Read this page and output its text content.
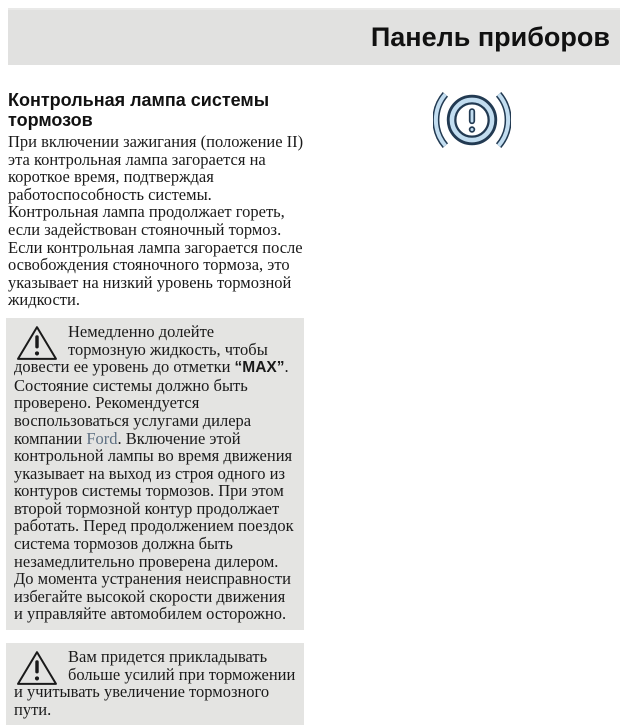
Панель приборов
Контрольная лампа системы тормозов

При включении зажигания (положение II) эта контрольная лампа загорается на короткое время, подтверждая работоспособность системы.

Контрольная лампа продолжает гореть, если задействован стояночный тормоз. Если контрольная лампа загорается после освобождения стояночного тормоза, это указывает на низкий уровень тормозной жидкости.

Немедленно долейте тормозную жидкость, чтобы довести ее уровень до отметки “MAX”. Состояние системы должно быть проверено. Рекомендуется воспользоваться услугами дилера компании Ford. Включение этой контрольной лампы во время движения указывает на выход из строя одного из контуров системы тормозов. При этом второй тормозной контур продолжает работать. Перед продолжением поездок система тормозов должна быть незамедлительно проверена дилером. До момента устранения неисправности избегайте высокой скорости движения и управляйте автомобилем осторожно.

Вам придется прикладывать больше усилий при торможении и учитывать увеличение тормозного пути.
